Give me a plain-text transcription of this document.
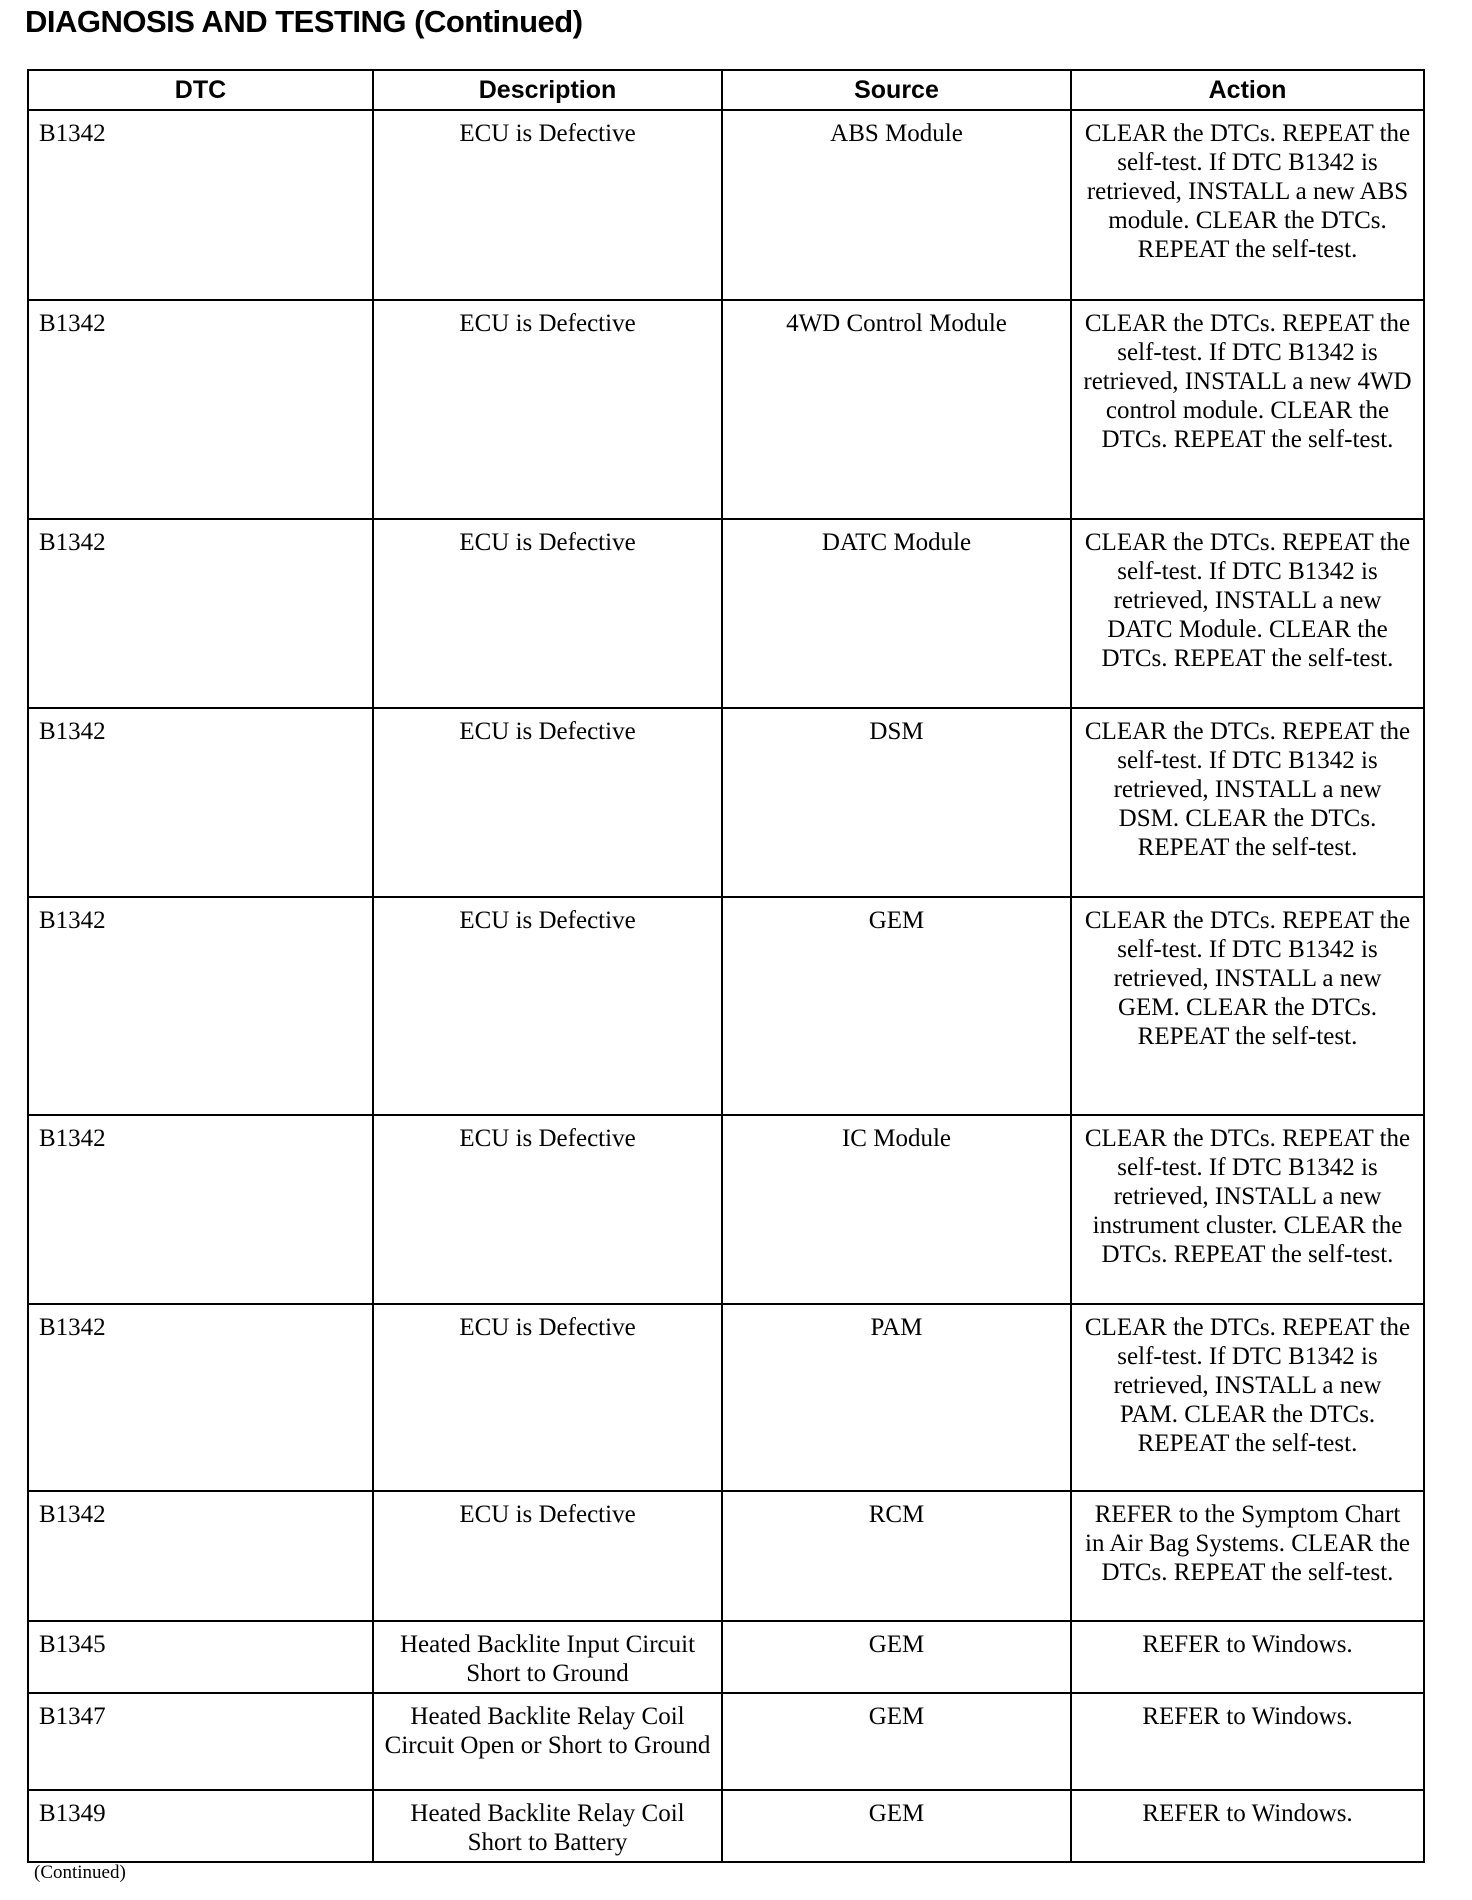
DIAGNOSIS AND TESTING (Continued)
DTC	Description	Source	Action
B1342	ECU is Defective	ABS Module	CLEAR the DTCs. REPEAT the self-test. If DTC B1342 is retrieved, INSTALL a new ABS module. CLEAR the DTCs. REPEAT the self-test.
B1342	ECU is Defective	4WD Control Module	CLEAR the DTCs. REPEAT the self-test. If DTC B1342 is retrieved, INSTALL a new 4WD control module. CLEAR the DTCs. REPEAT the self-test.
B1342	ECU is Defective	DATC Module	CLEAR the DTCs. REPEAT the self-test. If DTC B1342 is retrieved, INSTALL a new DATC Module. CLEAR the DTCs. REPEAT the self-test.
B1342	ECU is Defective	DSM	CLEAR the DTCs. REPEAT the self-test. If DTC B1342 is retrieved, INSTALL a new DSM. CLEAR the DTCs. REPEAT the self-test.
B1342	ECU is Defective	GEM	CLEAR the DTCs. REPEAT the self-test. If DTC B1342 is retrieved, INSTALL a new GEM. CLEAR the DTCs. REPEAT the self-test.
B1342	ECU is Defective	IC Module	CLEAR the DTCs. REPEAT the self-test. If DTC B1342 is retrieved, INSTALL a new instrument cluster. CLEAR the DTCs. REPEAT the self-test.
B1342	ECU is Defective	PAM	CLEAR the DTCs. REPEAT the self-test. If DTC B1342 is retrieved, INSTALL a new PAM. CLEAR the DTCs. REPEAT the self-test.
B1342	ECU is Defective	RCM	REFER to the Symptom Chart in Air Bag Systems. CLEAR the DTCs. REPEAT the self-test.
B1345	Heated Backlite Input Circuit Short to Ground	GEM	REFER to Windows.
B1347	Heated Backlite Relay Coil Circuit Open or Short to Ground	GEM	REFER to Windows.
B1349	Heated Backlite Relay Coil Short to Battery	GEM	REFER to Windows.
(Continued)
